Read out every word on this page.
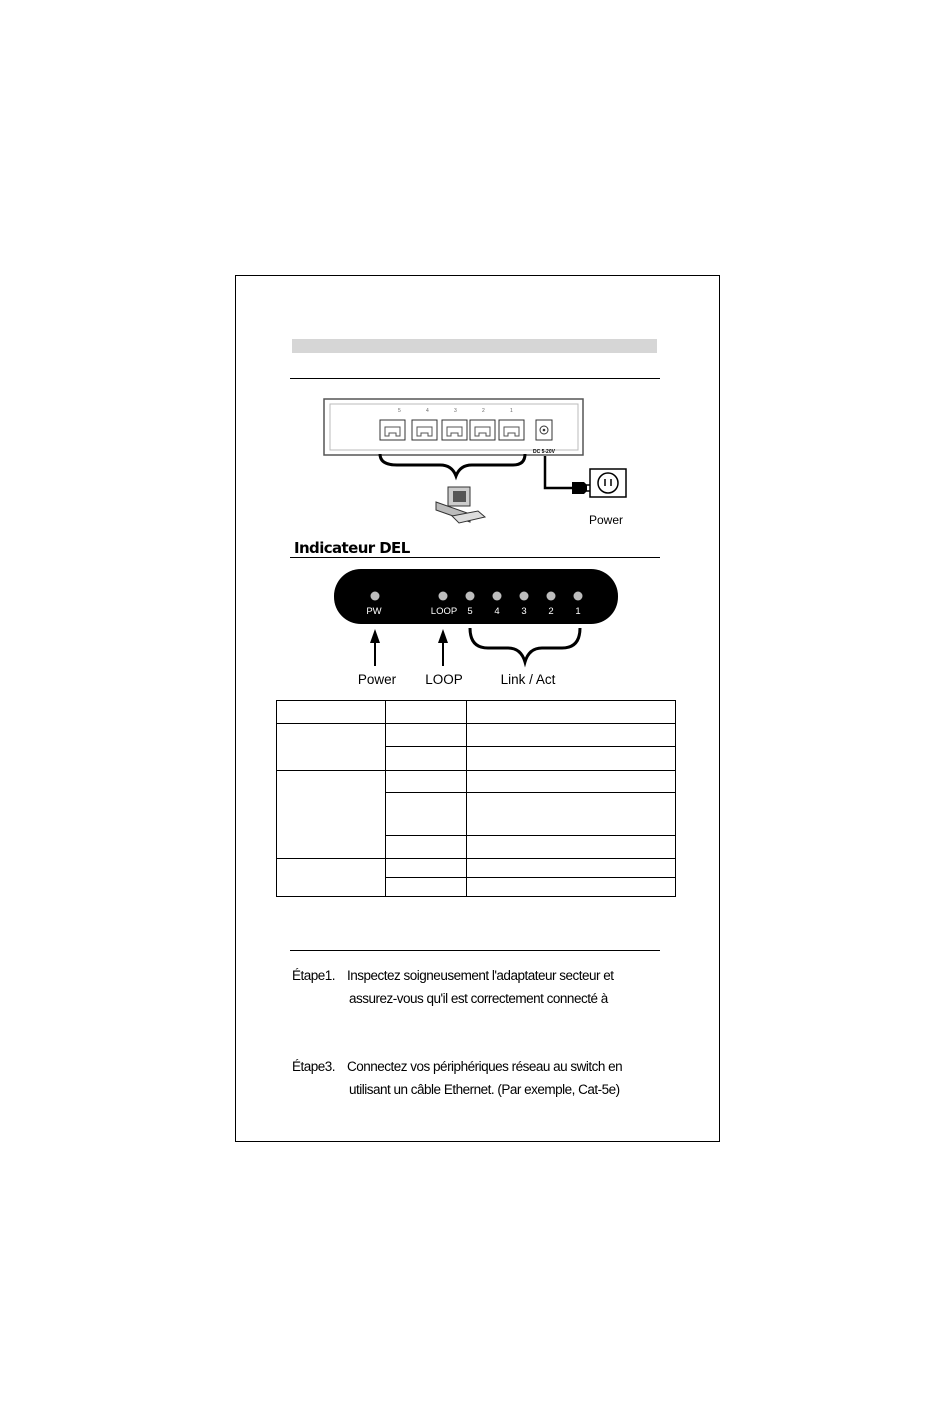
5	4	3	2	1
DC 5-20V
Power
Indicateur DEL
PW	LOOP 5 4 3 2 1
Power LOOP	Link / Act

Étape1. Inspectez soigneusement l'adaptateur secteur et
assurez-vous qu'il est correctement connecté à
Étape3. Connectez vos périphériques réseau au switch en
utilisant un câble Ethernet. (Par exemple, Cat-5e)
